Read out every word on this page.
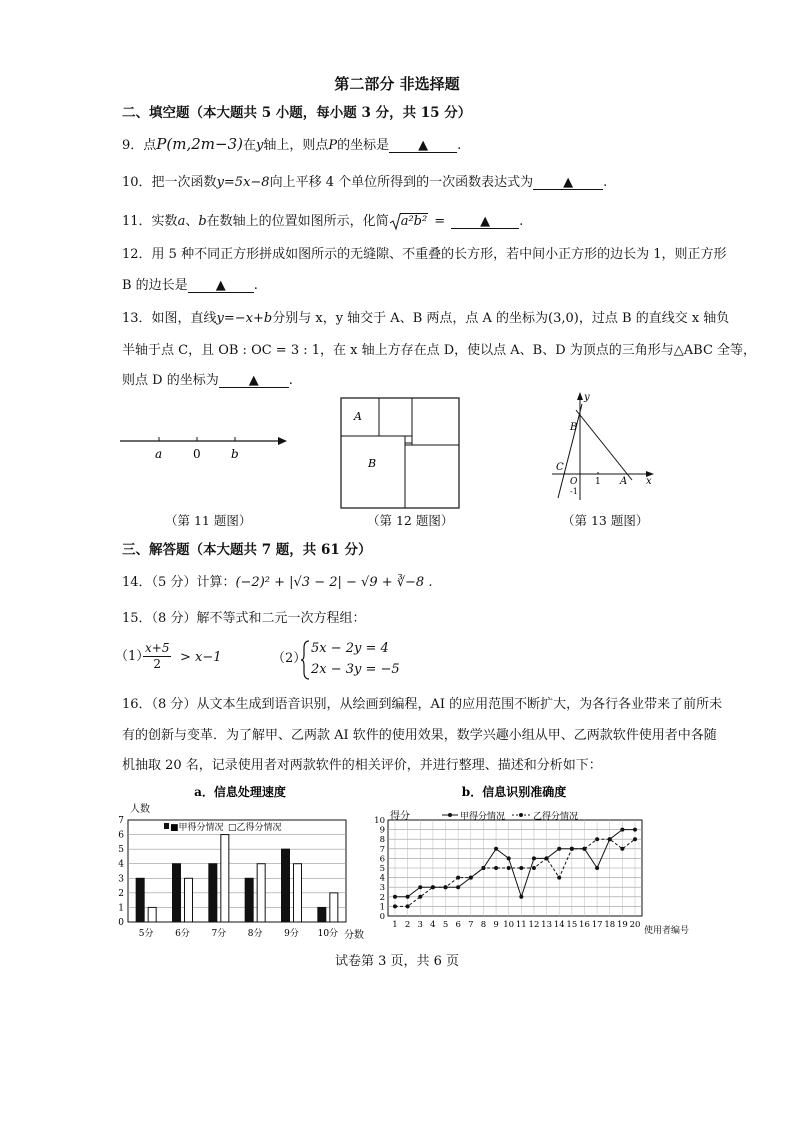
第二部分 非选择题
二、填空题（本大题共 5 小题，每小题 3 分，共 15 分）
9．点P(m,2m−3)在y轴上，则点P的坐标是 ▲ .
10．把一次函数y=5x−8向上平移 4 个单位所得到的一次函数表达式为 ▲ .
11．实数a、b在数轴上的位置如图所示，化简 a²b² =	▲ .
12．用 5 种不同正方形拼成如图所示的无缝隙、不重叠的长方形，若中间小正方形的边长为 1，则正方形
B 的边长是 ▲ .
13．如图，直线y=−x+b分别与 x，y 轴交于 A、B 两点，点 A 的坐标为(3,0)，过点 B 的直线交 x 轴负
半轴于点 C，且 OB : OC = 3 : 1，在 x 轴上方存在点 D，使以点 A、B、D 为顶点的三角形与△ABC 全等，
则点 D 的坐标为 ▲ .
a	0	b
（第 11 题图）
A
B
（第 12 题图）
y
x
B
C
O 1 A
-1
（第 13 题图）
三、解答题（本大题共 7 题，共 61 分）
14．（5 分）计算：(−2)² + |√3 − 2| − √9 + ∛−8 .
15．（8 分）解不等式和二元一次方程组：
（1）
$\frac{x+5}{2} > x-1$	（2）
5x − 2y = 4
2x − 3y = −5
16．（8 分）从文本生成到语音识别，从绘画到编程，AI 的应用范围不断扩大，为各行各业带来了前所未
有的创新与变革．为了解甲、乙两款 AI 软件的使用效果，数学兴趣小组从甲、乙两款软件使用者中各随
机抽取 20 名，记录使用者对两款软件的相关评价，并进行整理、描述和分析如下：
a．信息处理速度
人数
■甲得分情况 □乙得分情况
分数
0
1
2
3
4
5
6
7
5分 6分 7分 8分 9分 10分
b．信息识别准确度
得分	甲得分情况	乙得分情况
使用者编号
0
1
2
3
4
5
6
7
8
9
10
1 2 3 4 5 6 7 8 9 10 11 12 13 14 15 16 17 18 19 20
试卷第 3 页，共 6 页
